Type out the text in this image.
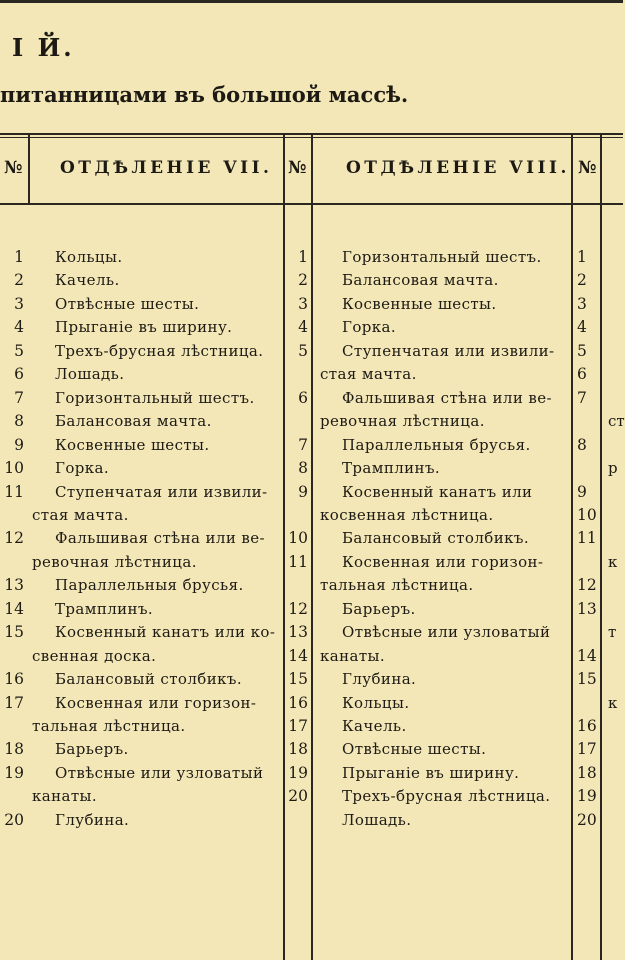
І Й.
питанницами въ большой массѣ.
№ ОТДѢЛЕНІЕ VII. № ОТДѢЛЕНІЕ VIII. №
1
2
3
4
5
6
7
8
9
10
11
12
13
14
15
16
17
18
19
20
Кольцы.
Качель.
Отвѣсные шесты.
Прыганіе въ ширину.
Трехъ-брусная лѣстница.
Лошадь.
Горизонтальный шестъ.
Балансовая мачта.
Косвенные шесты.
Горка.
Ступенчатая или извили-
стая мачта.
Фальшивая стѣна или ве-
ревочная лѣстница.
Параллельныя брусья.
Трамплинъ.
Косвенный канатъ или ко-
свенная доска.
Балансовый столбикъ.
Косвенная или горизон-
тальная лѣстница.
Барьеръ.
Отвѣсные или узловатый
канаты.
Глубина.
1
2
3
4
5
6
7
8
9
10
11
12
13
14
15
16
17
18
19
20
Горизонтальный шестъ.
Балансовая мачта.
Косвенные шесты.
Горка.
Ступенчатая или извили-
стая мачта.
Фальшивая стѣна или ве-
ревочная лѣстница.
Параллельныя брусья.
Трамплинъ.
Косвенный канатъ или
косвенная лѣстница.
Балансовый столбикъ.
Косвенная или горизон-
тальная лѣстница.
Барьеръ.
Отвѣсные или узловатый
канаты.
Глубина.
Кольцы.
Качель.
Отвѣсные шесты.
Прыганіе въ ширину.
Трехъ-брусная лѣстница.
Лошадь.
1
2
3
4
5
6
7
8
9
10
11
12
13
14
15
16
17
18
19
20
ст
р
к
т
к
